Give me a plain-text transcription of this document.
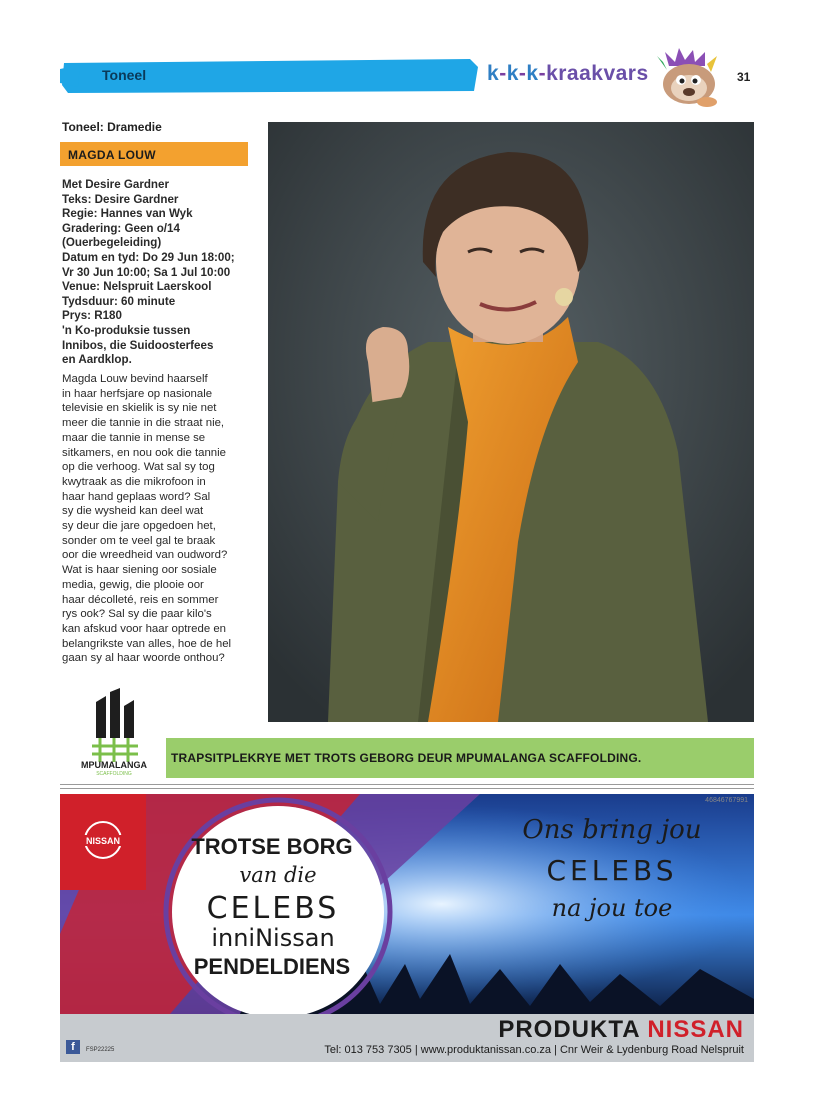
Toneel	k-k-k-kraakvars	31
Toneel: Dramedie
MAGDA LOUW
Met Desire Gardner
Teks: Desire Gardner
Regie: Hannes van Wyk
Gradering: Geen o/14
(Ouerbegeleiding)
Datum en tyd: Do 29 Jun 18:00;
Vr 30 Jun 10:00; Sa 1 Jul 10:00
Venue: Nelspruit Laerskool
Tydsduur: 60 minute
Prys: R180
'n Ko-produksie tussen
Innibos, die Suidoosterfees
en Aardklop.
Magda Louw bevind haarself
in haar herfsjare op nasionale
televisie en skielik is sy nie net
meer die tannie in die straat nie,
maar die tannie in mense se
sitkamers, en nou ook die tannie
op die verhoog. Wat sal sy tog
kwytraak as die mikrofoon in
haar hand geplaas word? Sal
sy die wysheid kan deel wat
sy deur die jare opgedoen het,
sonder om te veel gal te braak
oor die wreedheid van oudword?
Wat is haar siening oor sosiale
media, gewig, die plooie oor
haar décolleté, reis en sommer
rys ook? Sal sy die paar kilo's
kan afskud voor haar optrede en
belangrikste van alles, hoe de hel
gaan sy al haar woorde onthou?
MPUMALANGA
SCAFFOLDING
TRAPSITPLEKRYE MET TROTS GEBORG DEUR MPUMALANGA SCAFFOLDING.
NISSAN	TROTSE BORG
van die
CELEBS
inniNissan
PENDELDIENS
Ons bring jou
CELEBS
na jou toe
46846767991
PRODUKTA NISSAN
Tel: 013 753 7305 | www.produktanissan.co.za | Cnr Weir & Lydenburg Road Nelspruit
f	FSP22225
